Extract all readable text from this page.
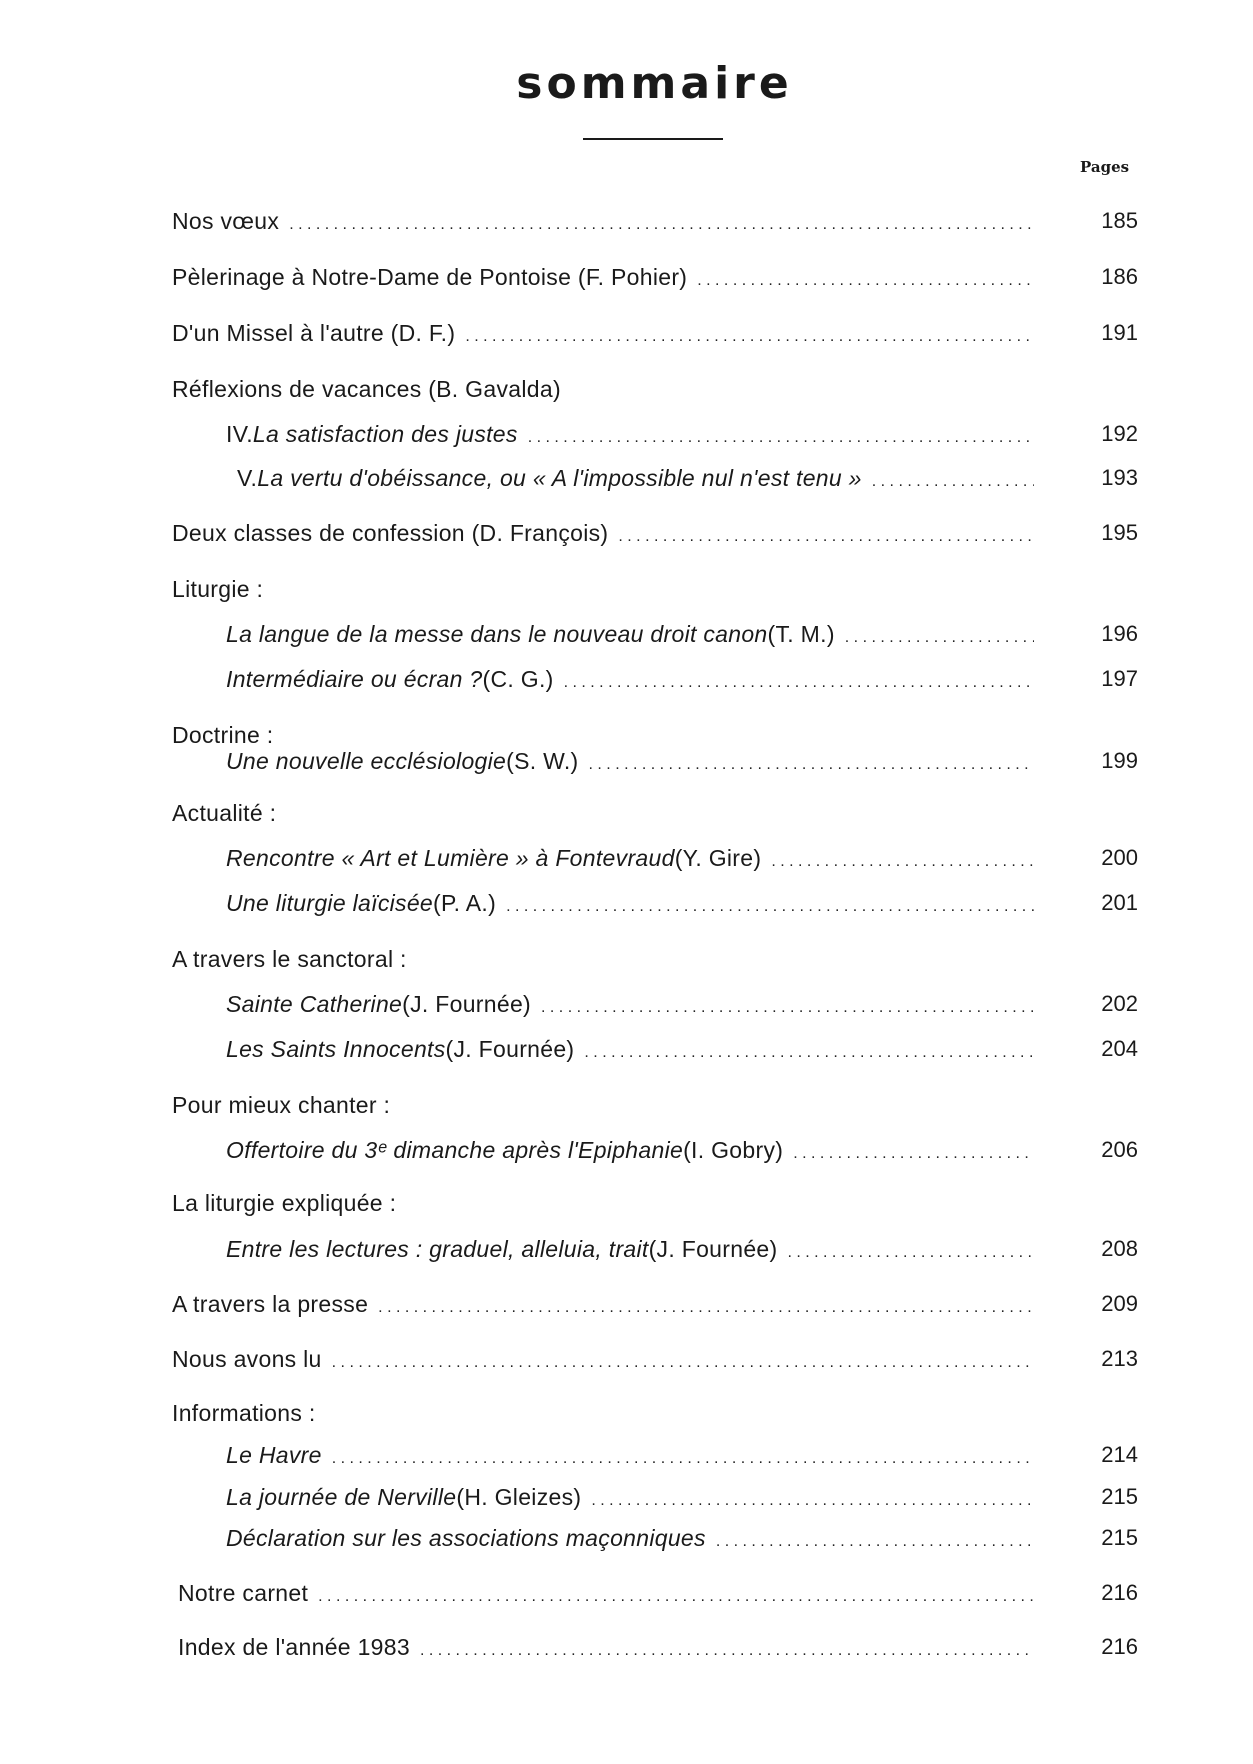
sommaire
Pages
Nos vœux . . .	185
Pèlerinage à Notre-Dame de Pontoise (F. Pohier) . . .	186
D'un Missel à l'autre (D. F.) . . .	191
Réflexions de vacances (B. Gavalda)
IV. La satisfaction des justes . . .	192
V. La vertu d'obéissance, ou « A l'impossible nul n'est tenu » . . .	193
Deux classes de confession (D. François) . . .	195
Liturgie :
La langue de la messe dans le nouveau droit canon (T. M.) . . .	196
Intermédiaire ou écran ? (C. G.) . . .	197
Doctrine :
Une nouvelle ecclésiologie (S. W.) . . .	199
Actualité :
Rencontre « Art et Lumière » à Fontevraud (Y. Gire) . . .	200
Une liturgie laïcisée (P. A.) . . .	201
A travers le sanctoral :
Sainte Catherine (J. Fournée) . . .	202
Les Saints Innocents (J. Fournée) . . .	204
Pour mieux chanter :
Offertoire du 3ᵉ dimanche après l'Epiphanie (I. Gobry) . . .	206
La liturgie expliquée :
Entre les lectures : graduel, alleluia, trait (J. Fournée) . . .	208
A travers la presse . . .	209
Nous avons lu . . .	213
Informations :
Le Havre . . .	214
La journée de Nerville (H. Gleizes) . . .	215
Déclaration sur les associations maçonniques . . .	215
Notre carnet . . .	216
Index de l'année 1983 . . .	216
